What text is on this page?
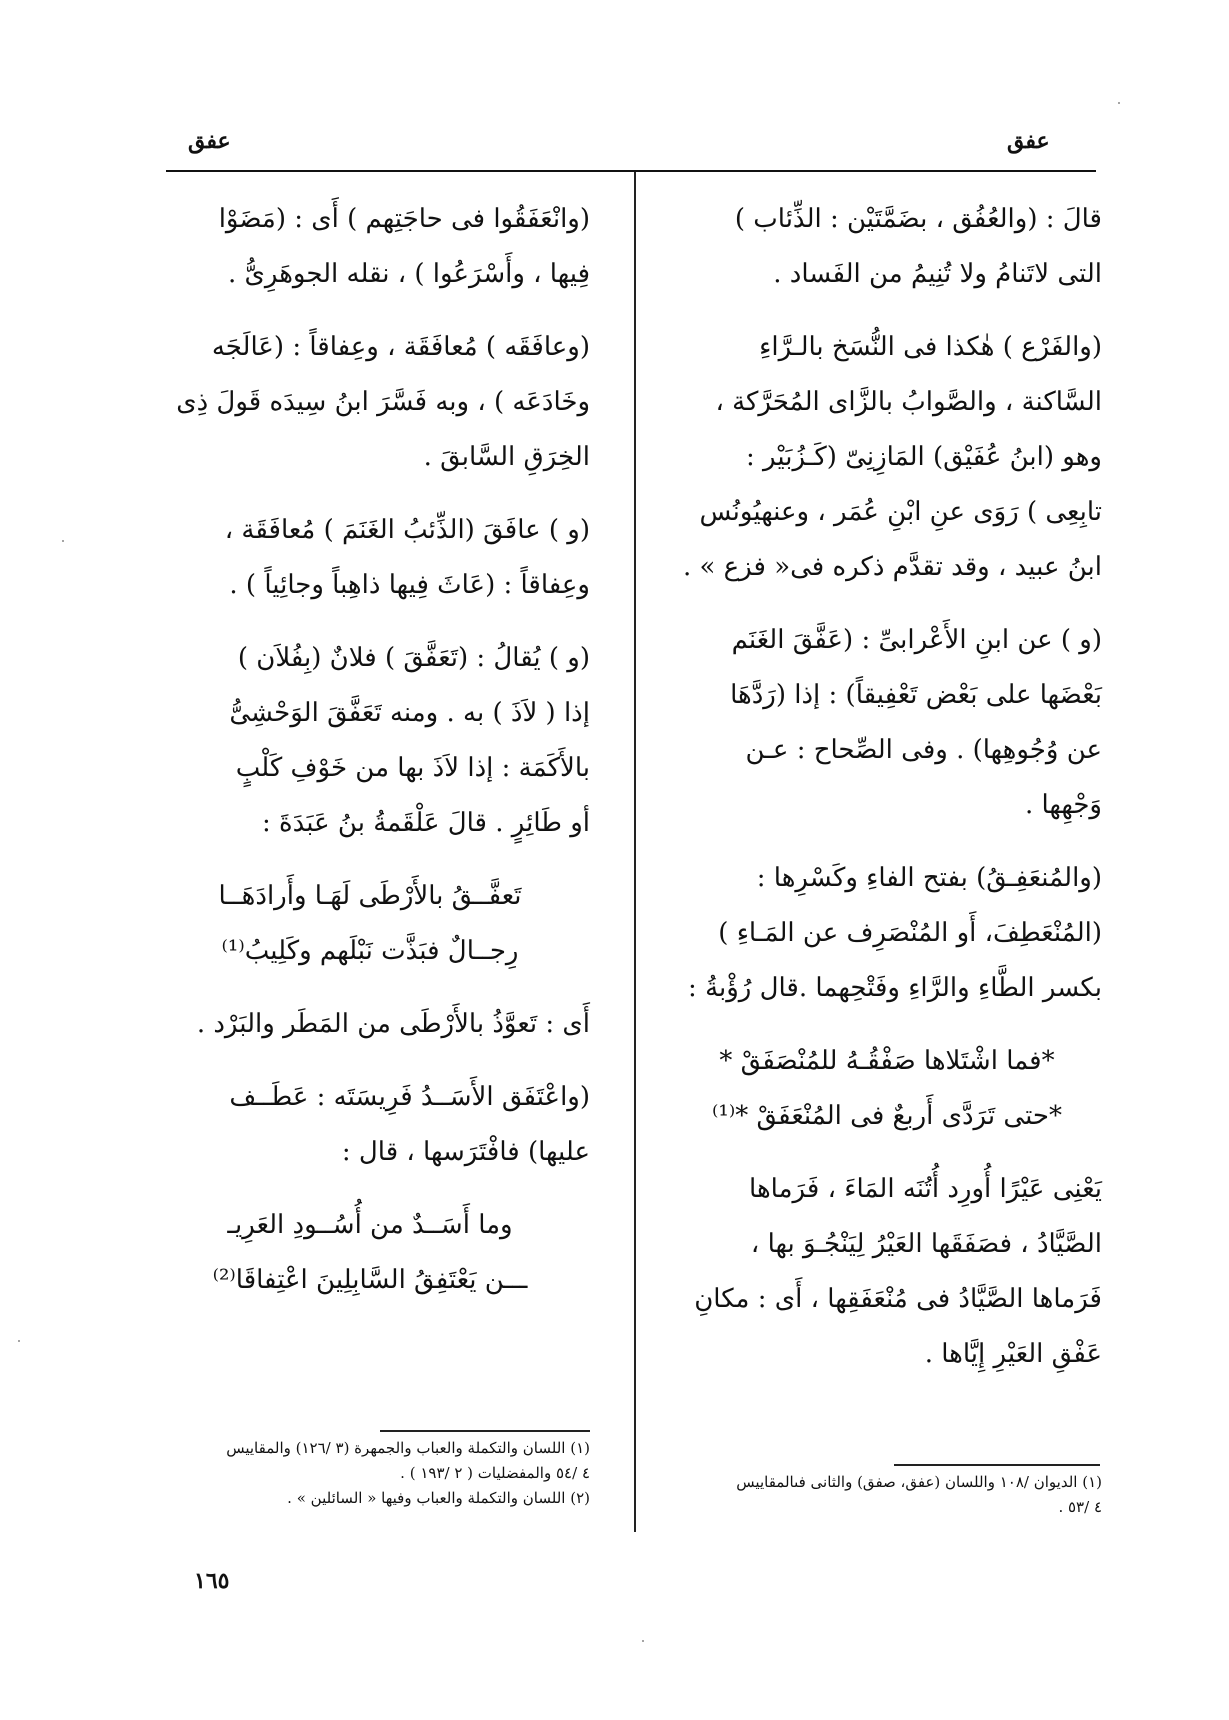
عفق
عفق

قالَ : (والعُفُق ، بضَمَّتَيْن : الذِّئاب )

التى لاتَنامُ ولا تُنِيمُ من الفَساد .

(والفَرْع ) هٰكذا فى النُّسَخ بالـرَّاءِ

السَّاكنة ، والصَّوابُ بالزَّاى المُحَرَّكة ،

وهو (ابنُ عُفَيْق) المَازِنِىّ (كَـزُبَيْر :

تابِعِى ) رَوَى عنِ ابْنِ عُمَر ، وعنهيُونُس

ابنُ عبيد ، وقد تقدَّم ذكره فى« فزع » .

(و ) عن ابنِ الأَعْرابىِّ : (عَفَّقَ الغَنَم

بَعْضَها على بَعْض تَعْفِيقاً) : إذا (رَدَّهَا

عن وُجُوهِها) . وفى الصِّحاح : عـن

وَجْهِها .

(والمُنعَفِـقُ) بفتح الفاءِ وكَسْرِها :

(المُنْعَطِفَ، أَو المُنْصَرِف عن المَـاءِ )

بكسر الطَّاءِ والرَّاءِ وفَتْحِهما .قال رُؤْبةُ :

*فما اشْتَلاها صَفْقُـهُ للمُنْصَفَقْ *

*حتى تَرَدَّى أَربعٌ فى المُنْعَفَقْ *⁽¹⁾

يَعْنِى عَيْرًا أُورِد أُتُنَه المَاءَ ، فَرَماها

الصَّيَّادُ ، فصَفَقَها العَيْرُ لِيَنْجُـوَ بها ،

فَرَماها الصَّيَّادُ فى مُنْعَفَقِها ، أَى : مكانِ

عَفْقِ العَيْرِ إِيَّاها .

(وانْعَفَقُوا فى حاجَتِهم ) أَى : (مَضَوْا

فِيها ، وأَسْرَعُوا ) ، نقله الجوهَرِىُّ .

(وعافَقَه ) مُعافَقَة ، وعِفاقاً : (عَالَجَه

وخَادَعَه ) ، وبه فَسَّرَ ابنُ سِيدَه قَولَ ذِى

الخِرَقِ السَّابقَ .

(و ) عافَقَ (الذِّئبُ الغَنَمَ ) مُعافَقَة ،

وعِفاقاً : (عَاثَ فِيها ذاهِباً وجائِياً ) .

(و ) يُقالُ : (تَعَفَّقَ ) فلانٌ (بِفُلاَن )

إذا ( لاَذَ ) به . ومنه تَعَفَّقَ الوَحْشِىُّ

بالأَكَمَة : إذا لاَذَ بها من خَوْفِ كَلْبٍ

أو طَائِرٍ . قالَ عَلْقَمةُ بنُ عَبَدَةَ :

تَعفَّــقُ بالأَرْطَى لَهَـا وأَرادَهَــا

رِجــالٌ فبَذَّت نَبْلَهم وكَلِيبُ⁽¹⁾

أَى : تَعوَّذُ بالأَرْطَى من المَطَر والبَرْد .

(واعْتَفَق الأَسَــدُ فَرِيسَتَه : عَطَــف

عليها) فافْتَرَسها ، قال :

وما أَسَــدٌ من أُسُــودِ العَرِيـ

ـــن يَعْتَفِقُ السَّابِلِينَ اعْتِفاقَا⁽²⁾

(١) الديوان /١٠٨ واللسان (عفق، صفق) والثانى فىالمقاييس

٤ /٥٣ .

(١) اللسان والتكملة والعباب والجمهرة (٣ /١٢٦) والمقاييس

٤ /٥٤ والمفضليات ( ٢ /١٩٣ ) .

(٢) اللسان والتكملة والعباب وفيها « السائلين » .

١٦٥
